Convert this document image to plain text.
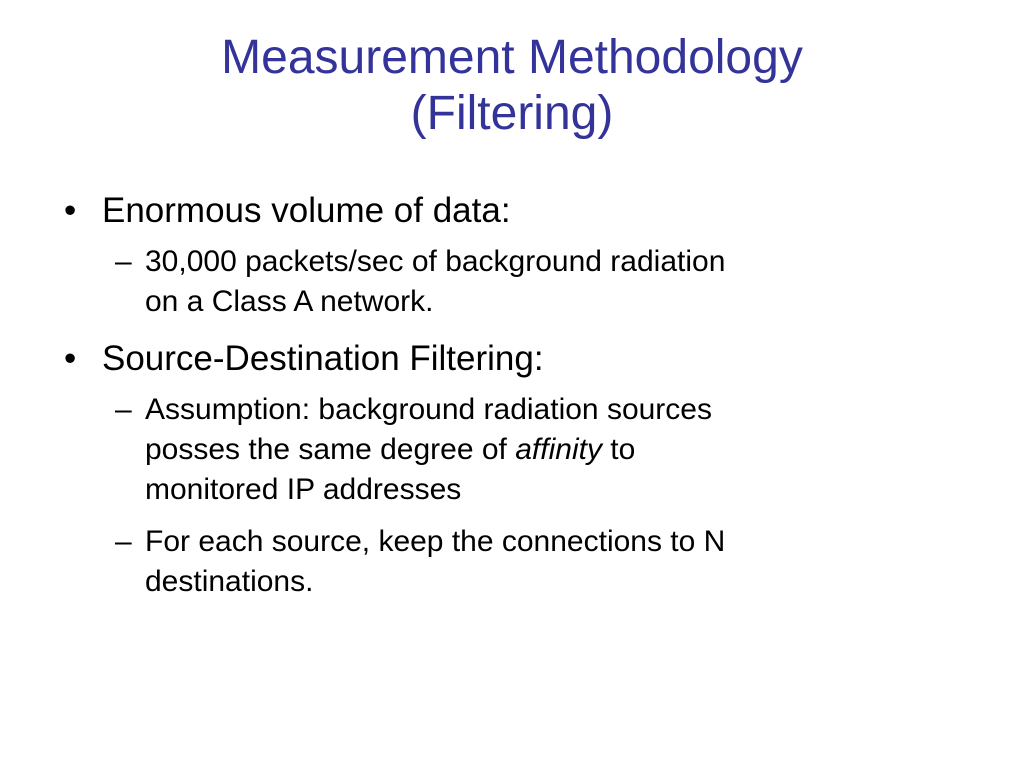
Measurement Methodology
(Filtering)
• Enormous volume of data:
– 30,000 packets/sec of background radiation
on a Class A network.
• Source-Destination Filtering:
– Assumption: background radiation sources
posses the same degree of affinity to
monitored IP addresses
– For each source, keep the connections to N
destinations.
